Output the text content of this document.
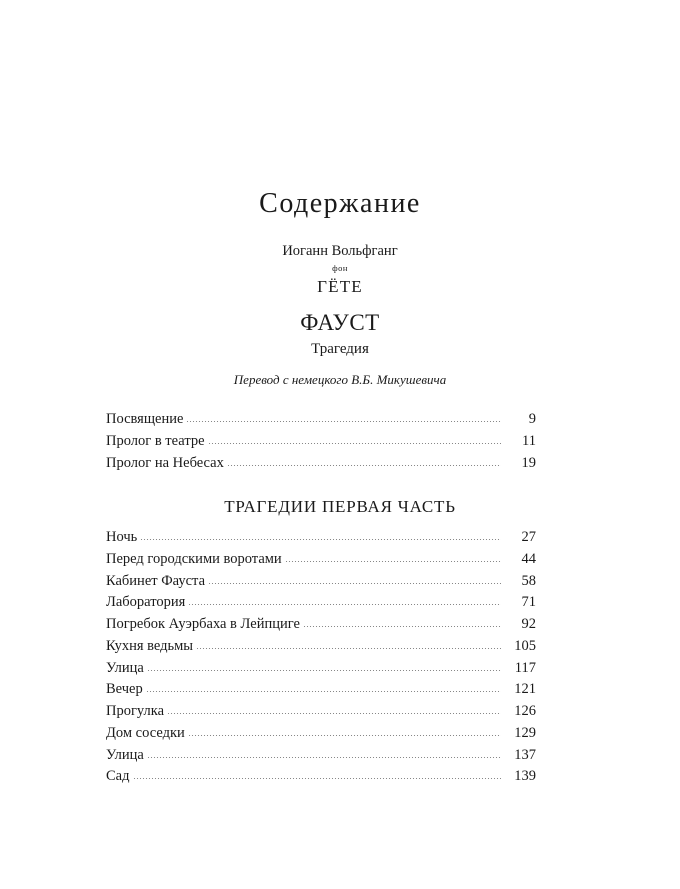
Содержание
Иоганн Вольфганг
фон
ГЁТЕ
ФАУСТ
Трагедия
Перевод с немецкого В.Б. Микушевича
Посвящение	9
Пролог в театре	11
Пролог на Небесах	19
ТРАГЕДИИ ПЕРВАЯ ЧАСТЬ
Ночь	27
Перед городскими воротами	44
Кабинет Фауста	58
Лаборатория	71
Погребок Ауэрбаха в Лейпциге	92
Кухня ведьмы	105
Улица	117
Вечер	121
Прогулка	126
Дом соседки	129
Улица	137
Сад	139
